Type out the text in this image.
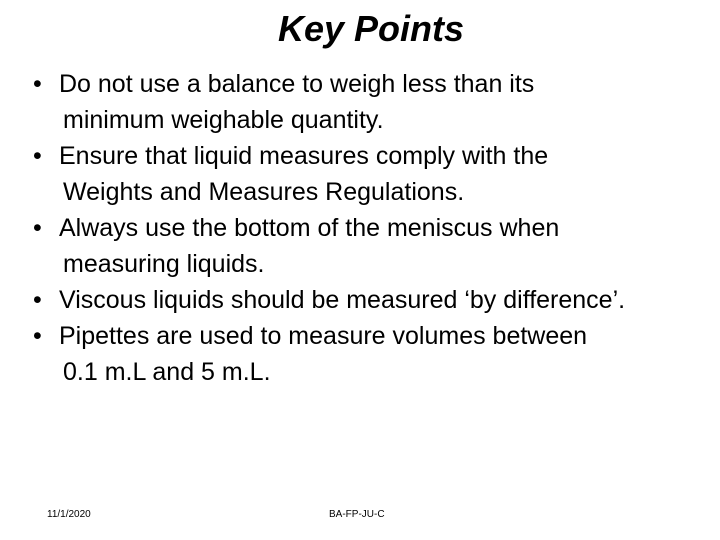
Key Points
• Do not use a balance to weigh less than its
minimum weighable quantity.
• Ensure that liquid measures comply with the
Weights and Measures Regulations.
• Always use the bottom of the meniscus when
measuring liquids.
• Viscous liquids should be measured ‘by difference’.
• Pipettes are used to measure volumes between
0.1 m.L and 5 m.L.
11/1/2020	BA-FP-JU-C
